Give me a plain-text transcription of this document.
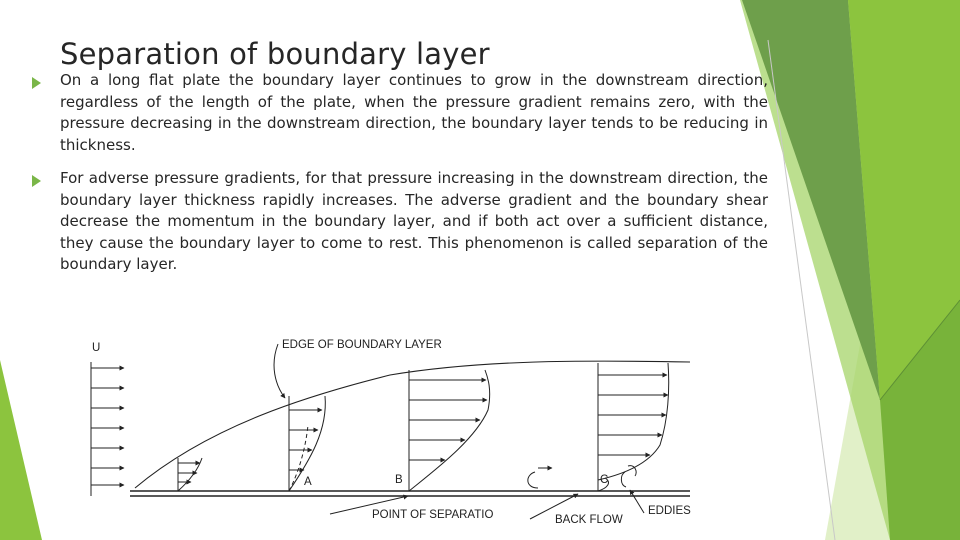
Separation of boundary layer
On a long flat plate the boundary layer continues to grow in the downstream direction, regardless of the length of the plate, when the pressure gradient remains zero, with the pressure decreasing in the downstream direction, the boundary layer tends to be reducing in thickness.
For adverse pressure gradients, for that pressure increasing in the downstream direction, the boundary layer thickness rapidly increases. The adverse gradient and the boundary shear decrease the momentum in the boundary layer, and if both act over a sufficient distance, they cause the boundary layer to come to rest. This phenomenon is called separation of the boundary layer.
U	EDGE OF BOUNDARY LAYER
A	B	C
POINT OF SEPARATIO	BACK FLOW
EDDIES
